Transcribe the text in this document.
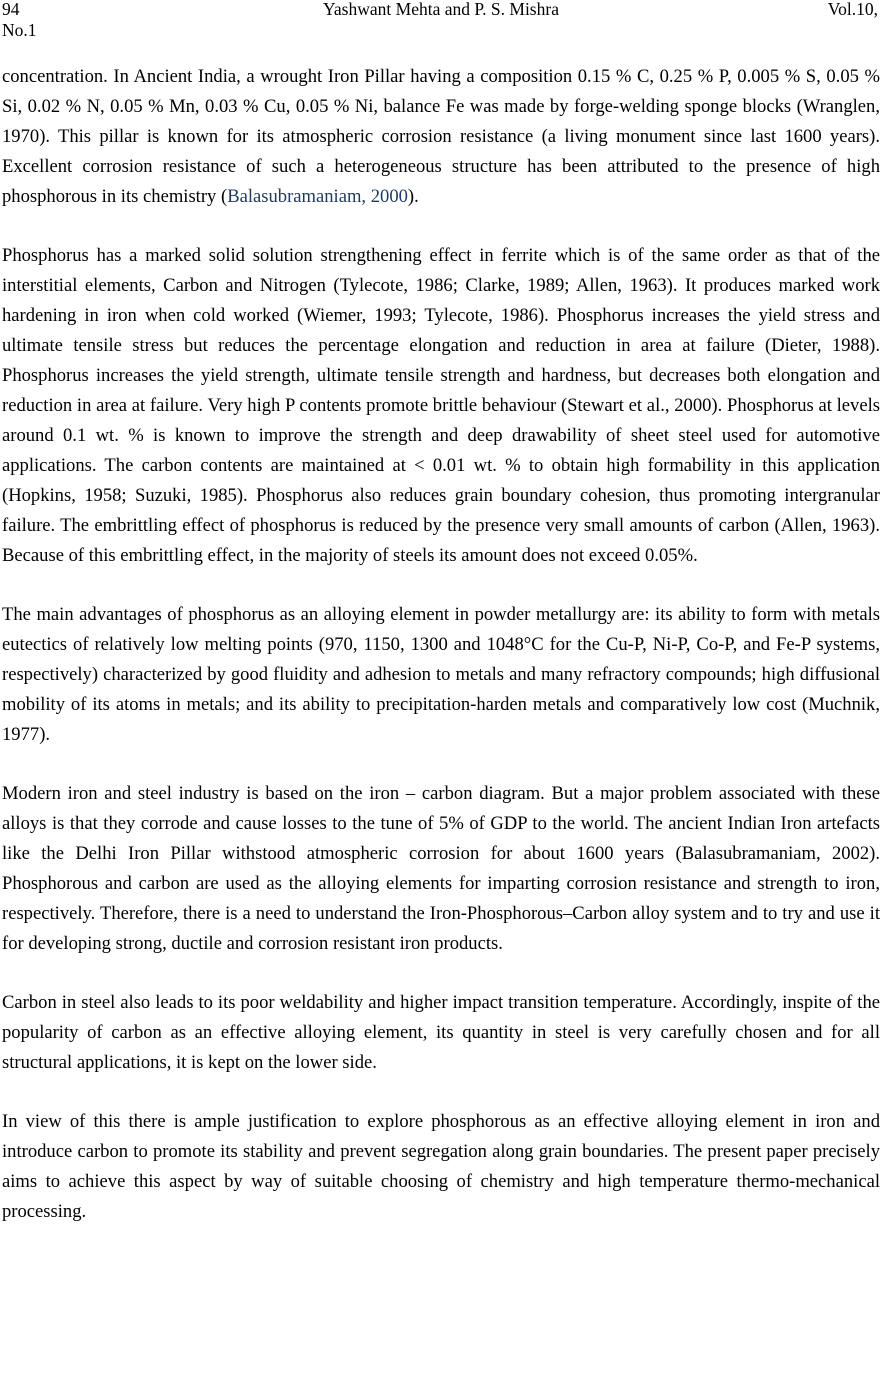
94	Yashwant Mehta and P. S. Mishra	Vol.10,
No.1

concentration. In Ancient India, a wrought Iron Pillar having a composition 0.15 % C, 0.25 % P, 0.005 % S, 0.05 % Si, 0.02 % N, 0.05 % Mn, 0.03 % Cu, 0.05 % Ni, balance Fe was made by forge-welding sponge blocks (Wranglen, 1970). This pillar is known for its atmospheric corrosion resistance (a living monument since last 1600 years). Excellent corrosion resistance of such a heterogeneous structure has been attributed to the presence of high phosphorous in its chemistry (Balasubramaniam, 2000).

Phosphorus has a marked solid solution strengthening effect in ferrite which is of the same order as that of the interstitial elements, Carbon and Nitrogen (Tylecote, 1986; Clarke, 1989; Allen, 1963). It produces marked work hardening in iron when cold worked (Wiemer, 1993; Tylecote, 1986). Phosphorus increases the yield stress and ultimate tensile stress but reduces the percentage elongation and reduction in area at failure (Dieter, 1988). Phosphorus increases the yield strength, ultimate tensile strength and hardness, but decreases both elongation and reduction in area at failure. Very high P contents promote brittle behaviour (Stewart et al., 2000). Phosphorus at levels around 0.1 wt. % is known to improve the strength and deep drawability of sheet steel used for automotive applications. The carbon contents are maintained at < 0.01 wt. % to obtain high formability in this application (Hopkins, 1958; Suzuki, 1985). Phosphorus also reduces grain boundary cohesion, thus promoting intergranular failure. The embrittling effect of phosphorus is reduced by the presence very small amounts of carbon (Allen, 1963). Because of this embrittling effect, in the majority of steels its amount does not exceed 0.05%.

The main advantages of phosphorus as an alloying element in powder metallurgy are: its ability to form with metals eutectics of relatively low melting points (970, 1150, 1300 and 1048°C for the Cu-P, Ni-P, Co-P, and Fe-P systems, respectively) characterized by good fluidity and adhesion to metals and many refractory compounds; high diffusional mobility of its atoms in metals; and its ability to precipitation-harden metals and comparatively low cost (Muchnik, 1977).

Modern iron and steel industry is based on the iron – carbon diagram. But a major problem associated with these alloys is that they corrode and cause losses to the tune of 5% of GDP to the world. The ancient Indian Iron artefacts like the Delhi Iron Pillar withstood atmospheric corrosion for about 1600 years (Balasubramaniam, 2002). Phosphorous and carbon are used as the alloying elements for imparting corrosion resistance and strength to iron, respectively. Therefore, there is a need to understand the Iron-Phosphorous–Carbon alloy system and to try and use it for developing strong, ductile and corrosion resistant iron products.

Carbon in steel also leads to its poor weldability and higher impact transition temperature. Accordingly, inspite of the popularity of carbon as an effective alloying element, its quantity in steel is very carefully chosen and for all structural applications, it is kept on the lower side.

In view of this there is ample justification to explore phosphorous as an effective alloying element in iron and introduce carbon to promote its stability and prevent segregation along grain boundaries. The present paper precisely aims to achieve this aspect by way of suitable choosing of chemistry and high temperature thermo-mechanical processing.
